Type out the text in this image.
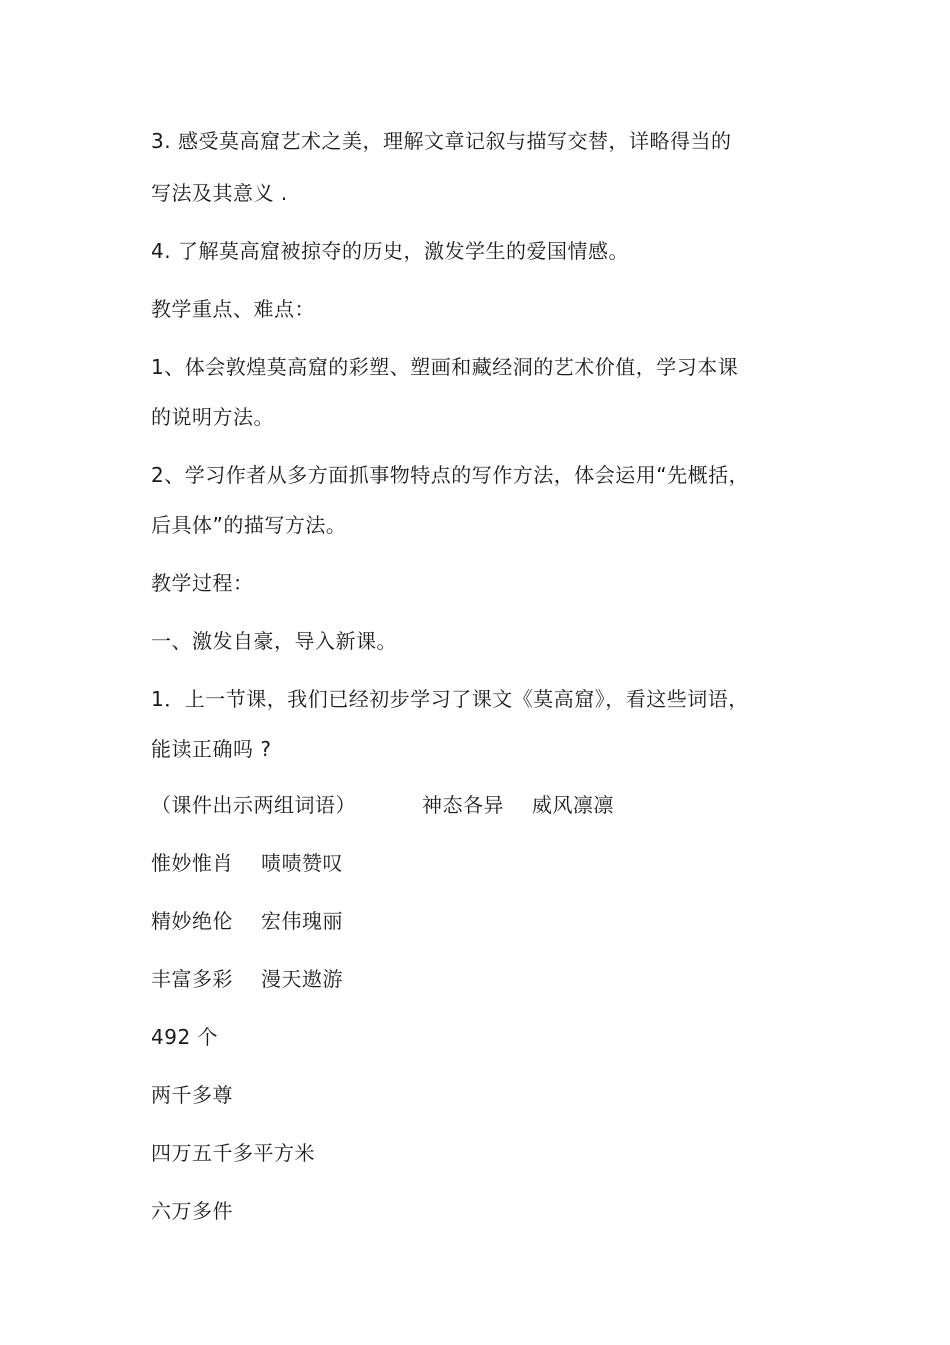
3. 感受莫高窟艺术之美，理解文章记叙与描写交替，详略得当的
写法及其意义 .
4. 了解莫高窟被掠夺的历史，激发学生的爱国情感。
教学重点、难点：
1、体会敦煌莫高窟的彩塑、塑画和藏经洞的艺术价值，学习本课
的说明方法。
2、学习作者从多方面抓事物特点的写作方法，体会运用“先概括，
后具体”的描写方法。
教学过程：
一、激发自豪，导入新课。
1．上一节课，我们已经初步学习了课文《莫高窟》，看这些词语，
能读正确吗 ?
（课件出示两组词语）	神态各异 威风凛凛
惟妙惟肖 啧啧赞叹
精妙绝伦 宏伟瑰丽
丰富多彩 漫天遨游
492 个
两千多尊
四万五千多平方米
六万多件
